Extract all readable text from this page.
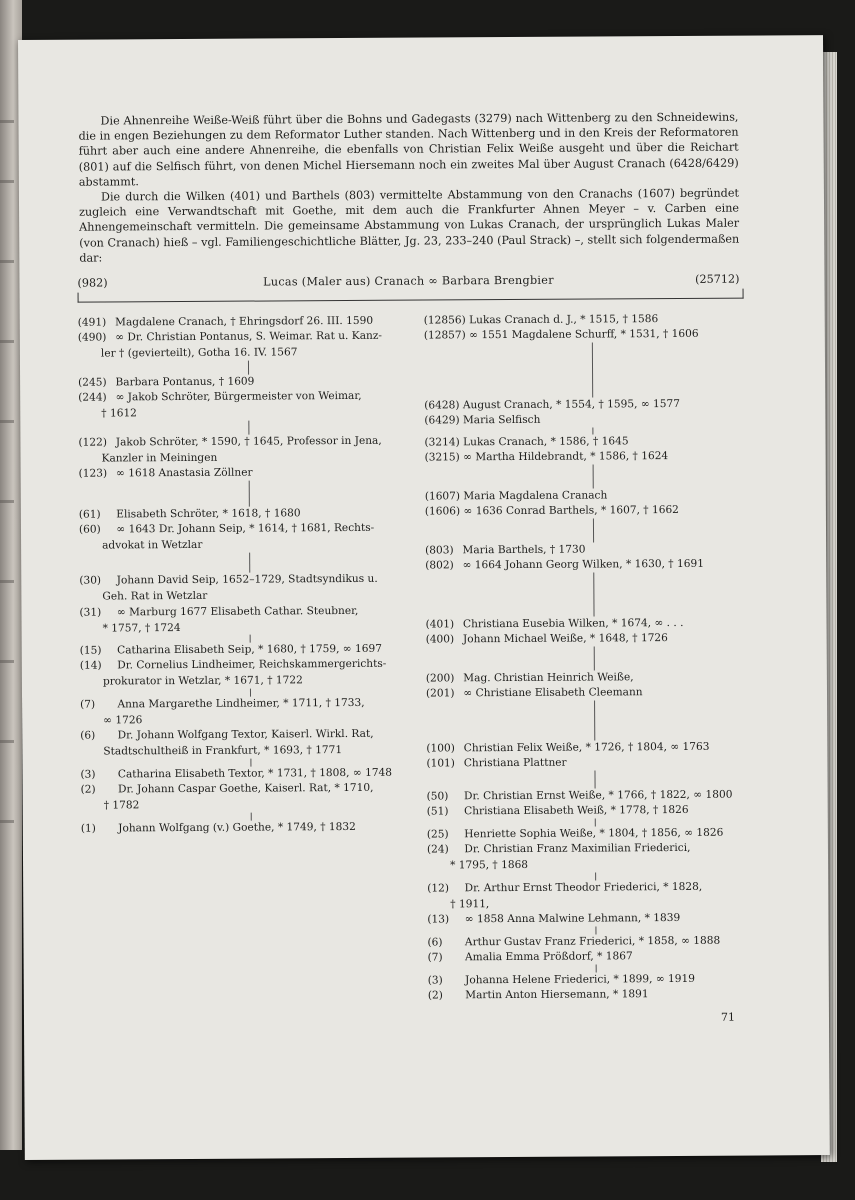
Die Ahnenreihe Weiße-Weiß führt über die Bohns und Gadegasts (3279) nach Wittenberg zu den Schneidewins, die in engen Beziehungen zu dem Reformator Luther standen. Nach Wittenberg und in den Kreis der Reformatoren führt aber auch eine andere Ahnenreihe, die ebenfalls von Christian Felix Weiße ausgeht und über die Reichart (801) auf die Selfisch führt, von denen Michel Hiersemann noch ein zweites Mal über August Cranach (6428/6429) abstammt.

Die durch die Wilken (401) und Barthels (803) vermittelte Abstammung von den Cranachs (1607) begründet zugleich eine Verwandtschaft mit Goethe, mit dem auch die Frankfurter Ahnen Meyer – v. Carben eine Ahnengemeinschaft vermitteln. Die gemeinsame Abstammung von Lukas Cranach, der ursprünglich Lukas Maler (von Cranach) hieß – vgl. Familiengeschichtliche Blätter, Jg. 23, 233–240 (Paul Strack) –, stellt sich folgendermaßen dar:

(982)	Lucas (Maler aus) Cranach ∞ Barbara Brengbier	(25712)
(491) Magdalene Cranach, † Ehringsdorf 26. III. 1590
(490) ∞ Dr. Christian Pontanus, S. Weimar. Rat u. Kanz-
ler † (gevierteilt), Gotha 16. IV. 1567
(245) Barbara Pontanus, † 1609
(244) ∞ Jakob Schröter, Bürgermeister von Weimar,
† 1612
(122) Jakob Schröter, * 1590, † 1645, Professor in Jena,
Kanzler in Meiningen
(123) ∞ 1618 Anastasia Zöllner
(61) Elisabeth Schröter, * 1618, † 1680
(60) ∞ 1643 Dr. Johann Seip, * 1614, † 1681, Rechts-
advokat in Wetzlar
(30) Johann David Seip, 1652–1729, Stadtsyndikus u.
Geh. Rat in Wetzlar
(31) ∞ Marburg 1677 Elisabeth Cathar. Steubner,
* 1757, † 1724
(15) Catharina Elisabeth Seip, * 1680, † 1759, ∞ 1697
(14) Dr. Cornelius Lindheimer, Reichskammergerichts-
prokurator in Wetzlar, * 1671, † 1722
(7) Anna Margarethe Lindheimer, * 1711, † 1733,
∞ 1726
(6) Dr. Johann Wolfgang Textor, Kaiserl. Wirkl. Rat,
Stadtschultheiß in Frankfurt, * 1693, † 1771
(3) Catharina Elisabeth Textor, * 1731, † 1808, ∞ 1748
(2) Dr. Johann Caspar Goethe, Kaiserl. Rat, * 1710,
† 1782
(1) Johann Wolfgang (v.) Goethe, * 1749, † 1832
(12856) Lukas Cranach d. J., * 1515, † 1586
(12857) ∞ 1551 Magdalene Schurff, * 1531, † 1606
(6428) August Cranach, * 1554, † 1595, ∞ 1577
(6429) Maria Selfisch
(3214) Lukas Cranach, * 1586, † 1645
(3215) ∞ Martha Hildebrandt, * 1586, † 1624
(1607) Maria Magdalena Cranach
(1606) ∞ 1636 Conrad Barthels, * 1607, † 1662
(803) Maria Barthels, † 1730
(802) ∞ 1664 Johann Georg Wilken, * 1630, † 1691
(401) Christiana Eusebia Wilken, * 1674, ∞ . . .
(400) Johann Michael Weiße, * 1648, † 1726
(200) Mag. Christian Heinrich Weiße,
(201) ∞ Christiane Elisabeth Cleemann
(100) Christian Felix Weiße, * 1726, † 1804, ∞ 1763
(101) Christiana Plattner
(50) Dr. Christian Ernst Weiße, * 1766, † 1822, ∞ 1800
(51) Christiana Elisabeth Weiß, * 1778, † 1826
(25) Henriette Sophia Weiße, * 1804, † 1856, ∞ 1826
(24) Dr. Christian Franz Maximilian Friederici,
* 1795, † 1868
(12) Dr. Arthur Ernst Theodor Friederici, * 1828,
† 1911,
(13) ∞ 1858 Anna Malwine Lehmann, * 1839
(6) Arthur Gustav Franz Friederici, * 1858, ∞ 1888
(7) Amalia Emma Prößdorf, * 1867
(3) Johanna Helene Friederici, * 1899, ∞ 1919
(2) Martin Anton Hiersemann, * 1891
71
